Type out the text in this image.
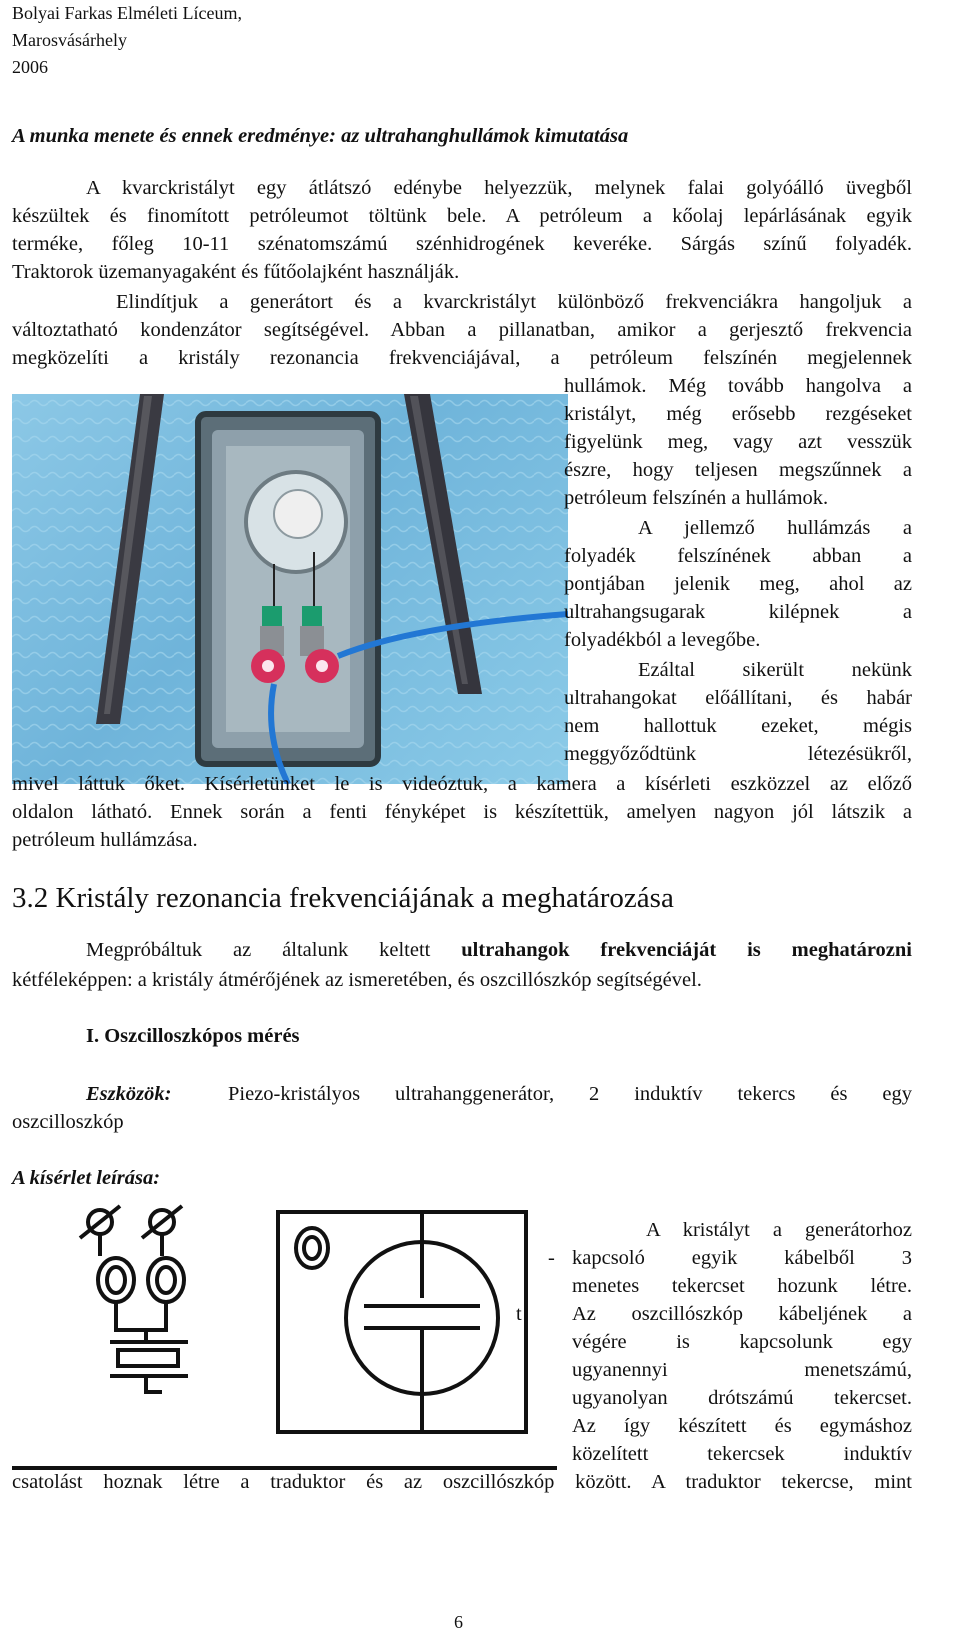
Bolyai Farkas Elméleti Líceum,
Marosvásárhely
2006
A munka menete és ennek eredménye: az ultrahanghullámok kimutatása
A kvarckristályt egy átlátszó edénybe helyezzük, melynek falai golyóálló üvegből
készültek és finomított petróleumot töltünk bele. A petróleum a kőolaj lepárlásának egyik
terméke, főleg 10-11 szénatomszámú szénhidrogének keveréke. Sárgás színű folyadék.
Traktorok üzemanyagaként és fűtőolajként használják.
Elindítjuk a generátort és a kvarckristályt különböző frekvenciákra hangoljuk a
változtatható kondenzátor segítségével. Abban a pillanatban, amikor a gerjesztő frekvencia
megközelíti a kristály rezonancia frekvenciájával, a petróleum felszínén megjelennek
hullámok. Még tovább hangolva a
kristályt, még erősebb rezgéseket
figyelünk meg, vagy azt vesszük
észre, hogy teljesen megszűnnek a
petróleum felszínén a hullámok.
A jellemző hullámzás a
folyadék felszínének abban a
pontjában jelenik meg, ahol az
ultrahangsugarak kilépnek a
folyadékból a levegőbe.
Ezáltal sikerült nekünk
ultrahangokat előállítani, és habár
nem hallottuk ezeket, mégis
meggyőződtünk létezésükről,
mivel láttuk őket. Kísérletünket le is videóztuk, a kamera a kísérleti eszközzel az előző
oldalon látható. Ennek során a fenti fényképet is készítettük, amelyen nagyon jól látszik a
petróleum hullámzása.
3.2 Kristály rezonancia frekvenciájának a meghatározása
Megpróbáltuk az általunk keltett ultrahangok frekvenciáját is meghatározni
kétféleképpen: a kristály átmérőjének az ismeretében, és oszcillószkóp segítségével.
I. Oszcilloszkópos mérés
Eszközök:	Piezo-kristályos ultrahanggenerátor, 2 induktív tekercs és egy
oszcilloszkóp
A kísérlet leírása:
-
t
A kristályt a generátorhoz
kapcsoló egyik kábelből 3
menetes tekercset hozunk létre.
Az oszcillószkóp kábeljének a
végére is kapcsolunk egy
ugyanennyi menetszámú,
ugyanolyan drótszámú tekercset.
Az így készített és egymáshoz
közelített tekercsek induktív
csatolást hoznak létre a traduktor és az oszcillószkóp között. A traduktor tekercse, mint
6
